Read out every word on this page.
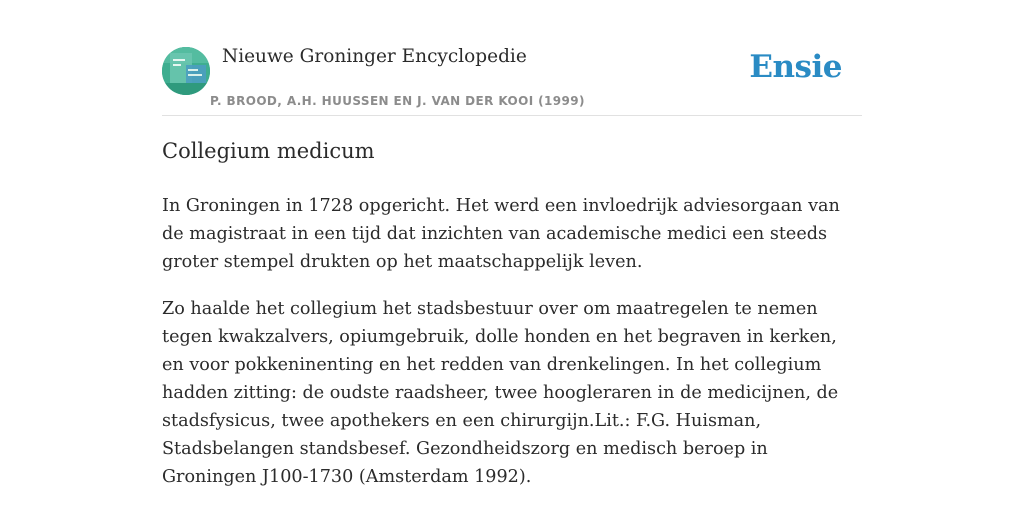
Nieuwe Groninger Encyclopedie
P. BROOD, A.H. HUUSSEN EN J. VAN DER KOOI (1999)
Ensie
Collegium medicum

In Groningen in 1728 opgericht. Het werd een invloedrijk adviesorgaan van de magistraat in een tijd dat inzichten van academische medici een steeds groter stempel drukten op het maatschappelijk leven.

Zo haalde het collegium het stadsbestuur over om maatregelen te nemen tegen kwakzalvers, opiumgebruik, dolle honden en het begraven in kerken, en voor pokkeninenting en het redden van drenkelingen. In het collegium hadden zitting: de oudste raadsheer, twee hoogleraren in de medicijnen, de stadsfysicus, twee apothekers en een chirurgijn.Lit.: F.G. Huisman, Stadsbelangen standsbesef. Gezondheidszorg en medisch beroep in Groningen J100-1730 (Amsterdam 1992).
